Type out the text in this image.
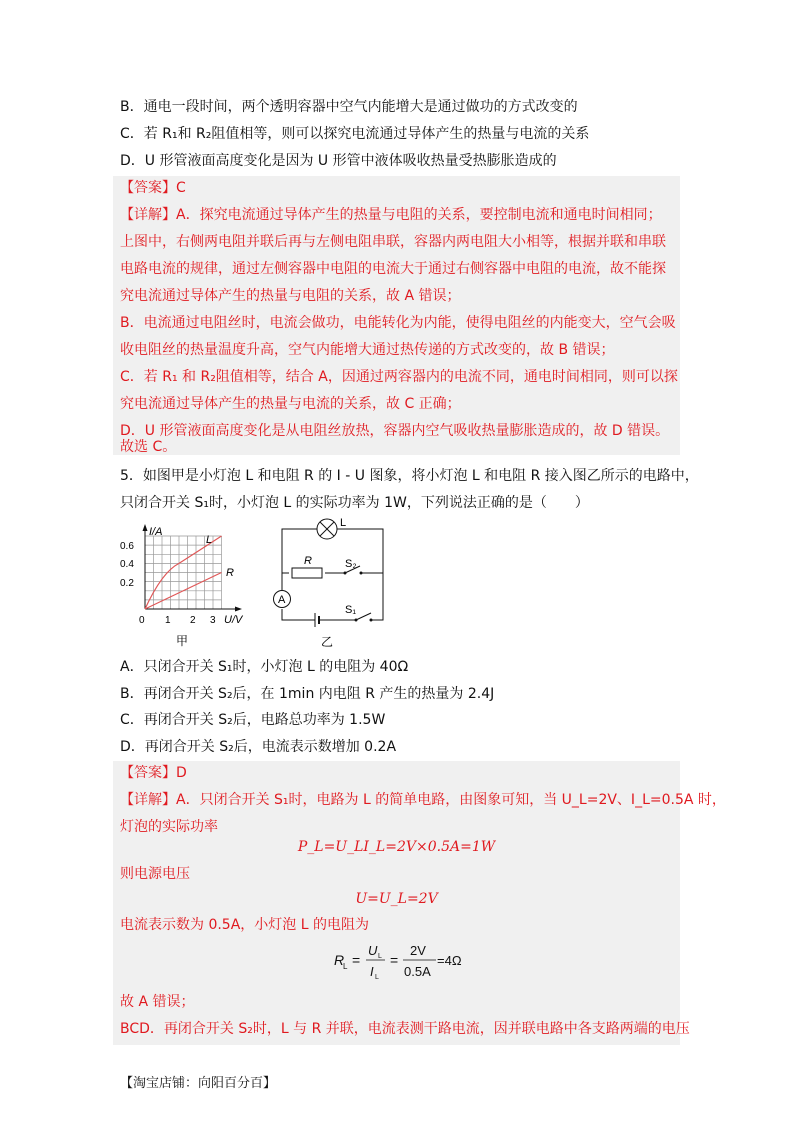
B．通电一段时间，两个透明容器中空气内能增大是通过做功的方式改变的
C．若 R₁和 R₂阻值相等，则可以探究电流通过导体产生的热量与电流的关系
D．U 形管液面高度变化是因为 U 形管中液体吸收热量受热膨胀造成的
【答案】C
【详解】A．探究电流通过导体产生的热量与电阻的关系，要控制电流和通电时间相同；
上图中，右侧两电阻并联后再与左侧电阻串联，容器内两电阻大小相等，根据并联和串联
电路电流的规律，通过左侧容器中电阻的电流大于通过右侧容器中电阻的电流，故不能探
究电流通过导体产生的热量与电阻的关系，故 A 错误；
B．电流通过电阻丝时，电流会做功，电能转化为内能，使得电阻丝的内能变大，空气会吸
收电阻丝的热量温度升高，空气内能增大通过热传递的方式改变的，故 B 错误；
C．若 R₁ 和 R₂阻值相等，结合 A，因通过两容器内的电流不同，通电时间相同，则可以探
究电流通过导体产生的热量与电流的关系，故 C 正确；
D．U 形管液面高度变化是从电阻丝放热，容器内空气吸收热量膨胀造成的，故 D 错误。
故选 C。
5．如图甲是小灯泡 L 和电阻 R 的 I - U 图象，将小灯泡 L 和电阻 R 接入图乙所示的电路中，
只闭合开关 S₁时，小灯泡 L 的实际功率为 1W，下列说法正确的是（　　）
I/A
U/V
0.6
0.4
0.2
0 1 2 3
L
R
甲
A
L
R	S₂
S₁
乙
A．只闭合开关 S₁时，小灯泡 L 的电阻为 40Ω
B．再闭合开关 S₂后，在 1min 内电阻 R 产生的热量为 2.4J
C．再闭合开关 S₂后，电路总功率为 1.5W
D．再闭合开关 S₂后，电流表示数增加 0.2A
【答案】D
【详解】A．只闭合开关 S₁时，电路为 L 的简单电路，由图象可知，当 U_L=2V、I_L=0.5A 时，
灯泡的实际功率
P_L=U_LI_L=2V×0.5A=1W
则电源电压
U=U_L=2V
电流表示数为 0.5A，小灯泡 L 的电阻为
R
L =
U L
I L
=
2V
0.5A
=4Ω
故 A 错误；
BCD．再闭合开关 S₂时，L 与 R 并联，电流表测干路电流，因并联电路中各支路两端的电压
【淘宝店铺：向阳百分百】
